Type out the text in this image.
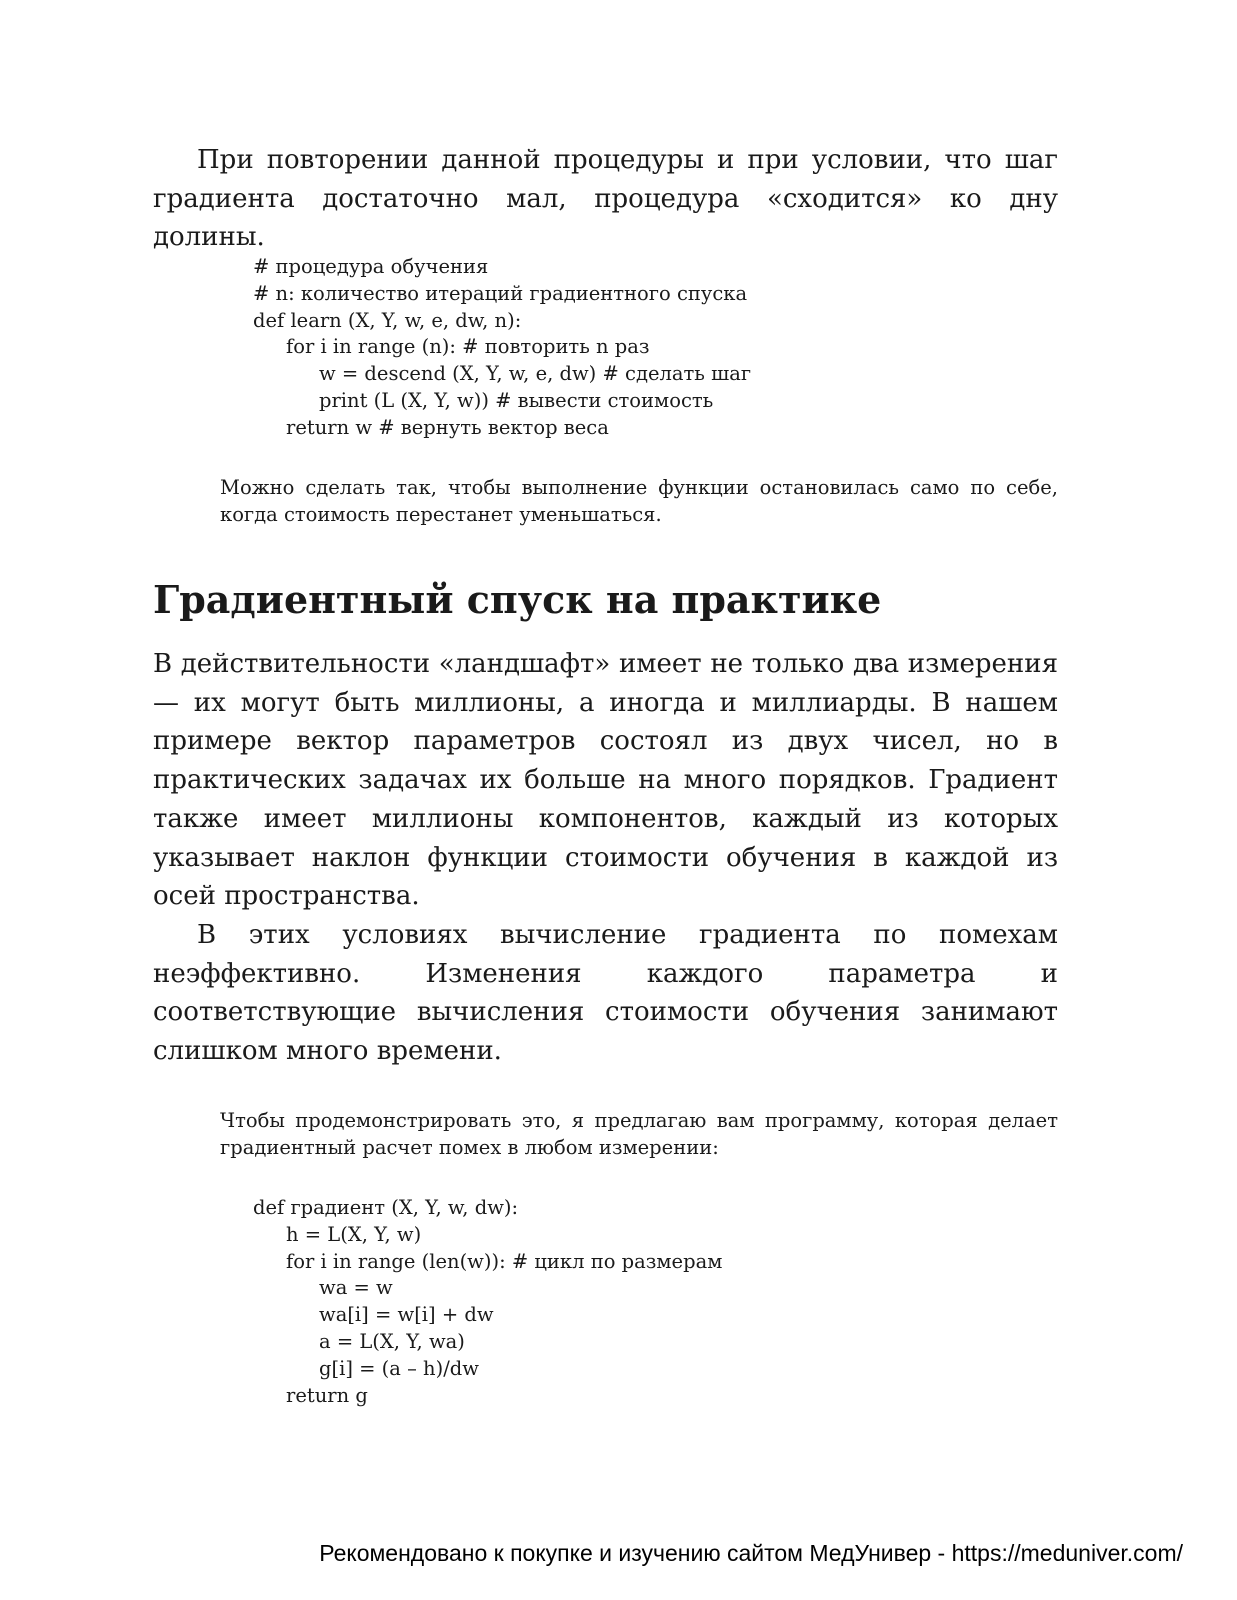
При повторении данной процедуры и при условии, что шаг градиента достаточно мал, процедура «сходится» ко дну долины.

# процедура обучения
# n: количество итераций градиентного спуска
def learn (X, Y, w, e, dw, n):
for i in range (n): # повторить n раз
w = descend (X, Y, w, e, dw) # сделать шаг
print (L (X, Y, w)) # вывести стоимость
return w # вернуть вектор веса

Можно сделать так, чтобы выполнение функции остановилась само по себе, когда стоимость перестанет уменьшаться.

Градиентный спуск на практике

В действительности «ландшафт» имеет не только два измерения — их могут быть миллионы, а иногда и миллиарды. В нашем примере вектор параметров состоял из двух чисел, но в практических задачах их больше на много порядков. Градиент также имеет миллионы компонентов, каждый из которых указывает наклон функции стоимости обучения в каждой из осей пространства.

В этих условиях вычисление градиента по помехам неэффективно. Изменения каждого параметра и соответствующие вычисления стоимости обучения занимают слишком много времени.

Чтобы продемонстрировать это, я предлагаю вам программу, которая делает градиентный расчет помех в любом измерении:

def градиент (X, Y, w, dw):
h = L(X, Y, w)
for i in range (len(w)): # цикл по размерам
wa = w
wa[i] = w[i] + dw
a = L(X, Y, wa)
g[i] = (a – h)/dw
return g
Рекомендовано к покупке и изучению сайтом МедУнивер - https://meduniver.com/
